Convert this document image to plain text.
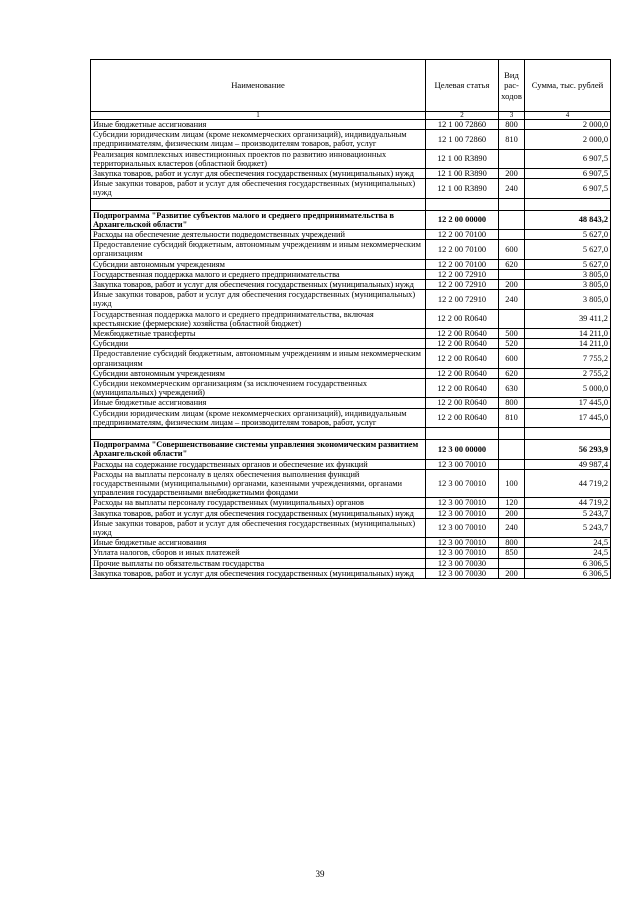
Наименование	Целевая статья	Вид рас-ходов	Сумма, тыс. рублей
1	2	3	4
Иные бюджетные ассигнования	12 1 00 72860	800	2 000,0
Субсидии юридическим лицам (кроме некоммерческих организаций), индивидуальным предпринимателям, физическим лицам – производителям товаров, работ, услуг	12 1 00 72860	810	2 000,0
Реализация комплексных инвестиционных проектов по развитию инновационных территориальных кластеров (областной бюджет)	12 1 00 R3890		6 907,5
Закупка товаров, работ и услуг для обеспечения государственных (муниципальных) нужд	12 1 00 R3890	200	6 907,5
Иные закупки товаров, работ и услуг для обеспечения государственных (муниципальных) нужд	12 1 00 R3890	240	6 907,5

Подпрограмма "Развитие субъектов малого и среднего предпринимательства в Архангельской области"	12 2 00 00000		48 843,2
Расходы на обеспечение деятельности подведомственных учреждений	12 2 00 70100		5 627,0
Предоставление субсидий бюджетным, автономным учреждениям и иным некоммерческим организациям	12 2 00 70100	600	5 627,0
Субсидии автономным учреждениям	12 2 00 70100	620	5 627,0
Государственная поддержка малого и среднего предпринимательства	12 2 00 72910		3 805,0
Закупка товаров, работ и услуг для обеспечения государственных (муниципальных) нужд	12 2 00 72910	200	3 805,0
Иные закупки товаров, работ и услуг для обеспечения государственных (муниципальных) нужд	12 2 00 72910	240	3 805,0
Государственная поддержка малого и среднего предпринимательства, включая крестьянские (фермерские) хозяйства (областной бюджет)	12 2 00 R0640		39 411,2
Межбюджетные трансферты	12 2 00 R0640	500	14 211,0
Субсидии	12 2 00 R0640	520	14 211,0
Предоставление субсидий бюджетным, автономным учреждениям и иным некоммерческим организациям	12 2 00 R0640	600	7 755,2
Субсидии автономным учреждениям	12 2 00 R0640	620	2 755,2
Субсидии некоммерческим организациям (за исключением государственных (муниципальных) учреждений)	12 2 00 R0640	630	5 000,0
Иные бюджетные ассигнования	12 2 00 R0640	800	17 445,0
Субсидии юридическим лицам (кроме некоммерческих организаций), индивидуальным предпринимателям, физическим лицам – производителям товаров, работ, услуг	12 2 00 R0640	810	17 445,0

Подпрограмма "Совершенствование системы управления экономическим развитием Архангельской области"	12 3 00 00000		56 293,9
Расходы на содержание государственных органов и обеспечение их функций	12 3 00 70010		49 987,4
Расходы на выплаты персоналу в целях обеспечения выполнения функций государственными (муниципальными) органами, казенными учреждениями, органами управления государственными внебюджетными фондами	12 3 00 70010	100	44 719,2
Расходы на выплаты персоналу государственных (муниципальных) органов	12 3 00 70010	120	44 719,2
Закупка товаров, работ и услуг для обеспечения государственных (муниципальных) нужд	12 3 00 70010	200	5 243,7
Иные закупки товаров, работ и услуг для обеспечения государственных (муниципальных) нужд	12 3 00 70010	240	5 243,7
Иные бюджетные ассигнования	12 3 00 70010	800	24,5
Уплата налогов, сборов и иных платежей	12 3 00 70010	850	24,5
Прочие выплаты по обязательствам государства	12 3 00 70030		6 306,5
Закупка товаров, работ и услуг для обеспечения государственных (муниципальных) нужд	12 3 00 70030	200	6 306,5
39
